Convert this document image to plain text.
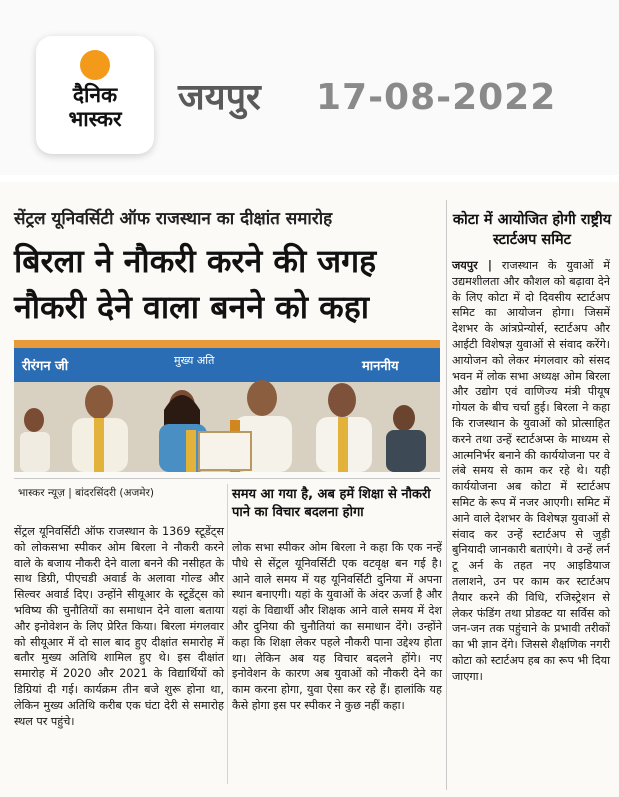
दैनिक
भास्कर
जयपुर 17-08-2022
सेंट्रल यूनिवर्सिटी ऑफ राजस्थान का दीक्षांत समारोह
बिरला ने नौकरी करने की जगह नौकरी देने वाला बनने को कहा
रीरंगन जी	मुख्य अति	माननीय
भास्कर न्यूज़ | बांदरसिंदरी (अजमेर)	समय आ गया है, अब हमें शिक्षा से नौकरी पाने का विचार बदलना होगा
सेंट्रल यूनिवर्सिटी ऑफ राजस्थान के 1369 स्टूडेंट्स को लोकसभा स्पीकर ओम बिरला ने नौकरी करने वाले के बजाय नौकरी देने वाला बनने की नसीहत के साथ डिग्री, पीएचडी अवार्ड के अलावा गोल्ड और सिल्वर अवार्ड दिए। उन्होंने सीयूआर के स्टूडेंट्स को भविष्य की चुनौतियों का समाधान देने वाला बताया और इनोवेशन के लिए प्रेरित किया। बिरला मंगलवार को सीयूआर में दो साल बाद हुए दीक्षांत समारोह में बतौर मुख्य अतिथि शामिल हुए थे। इस दीक्षांत समारोह में 2020 और 2021 के विद्यार्थियों को डिग्रियां दी गई। कार्यक्रम तीन बजे शुरू होना था, लेकिन मुख्य अतिथि करीब एक घंटा देरी से समारोह स्थल पर पहुंचे।
लोक सभा स्पीकर ओम बिरला ने कहा कि एक नन्हें पौधे से सेंट्रल यूनिवर्सिटी एक वटवृक्ष बन गई है। आने वाले समय में यह यूनिवर्सिटी दुनिया में अपना स्थान बनाएगी। यहां के युवाओं के अंदर ऊर्जा है और यहां के विद्यार्थी और शिक्षक आने वाले समय में देश और दुनिया की चुनौतियां का समाधान देंगे। उन्होंने कहा कि शिक्षा लेकर पहले नौकरी पाना उद्देश्य होता था। लेकिन अब यह विचार बदलने होंगे। नए इनोवेशन के कारण अब युवाओं को नौकरी देने का काम करना होगा, युवा ऐसा कर रहे हैं। हालांकि यह कैसे होगा इस पर स्पीकर ने कुछ नहीं कहा।
कोटा में आयोजित होगी राष्ट्रीय स्टार्टअप समिट
जयपुर | राजस्थान के युवाओं में उद्यमशीलता और कौशल को बढ़ावा देने के लिए कोटा में दो दिवसीय स्टार्टअप समिट का आयोजन होगा। जिसमें देशभर के आंत्रप्रेन्योर्स, स्टार्टअप और आईटी विशेषज्ञ युवाओं से संवाद करेंगे। आयोजन को लेकर मंगलवार को संसद भवन में लोक सभा अध्यक्ष ओम बिरला और उद्योग एवं वाणिज्य मंत्री पीयूष गोयल के बीच चर्चा हुई। बिरला ने कहा कि राजस्थान के युवाओं को प्रोत्साहित करने तथा उन्हें स्टार्टअप्स के माध्यम से आत्मनिर्भर बनाने की कार्ययोजना पर वे लंबे समय से काम कर रहे थे। यही कार्ययोजना अब कोटा में स्टार्टअप समिट के रूप में नजर आएगी। समिट में आने वाले देशभर के विशेषज्ञ युवाओं से संवाद कर उन्हें स्टार्टअप से जुड़ी बुनियादी जानकारी बताएंगे। वे उन्हें लर्न टू अर्न के तहत नए आइडियाज तलाशने, उन पर काम कर स्टार्टअप तैयार करने की विधि, रजिस्ट्रेशन से लेकर फंडिंग तथा प्रोडक्ट या सर्विस को जन-जन तक पहुंचाने के प्रभावी तरीकों का भी ज्ञान देंगे। जिससे शैक्षणिक नगरी कोटा को स्टार्टअप हब का रूप भी दिया जाएगा।
